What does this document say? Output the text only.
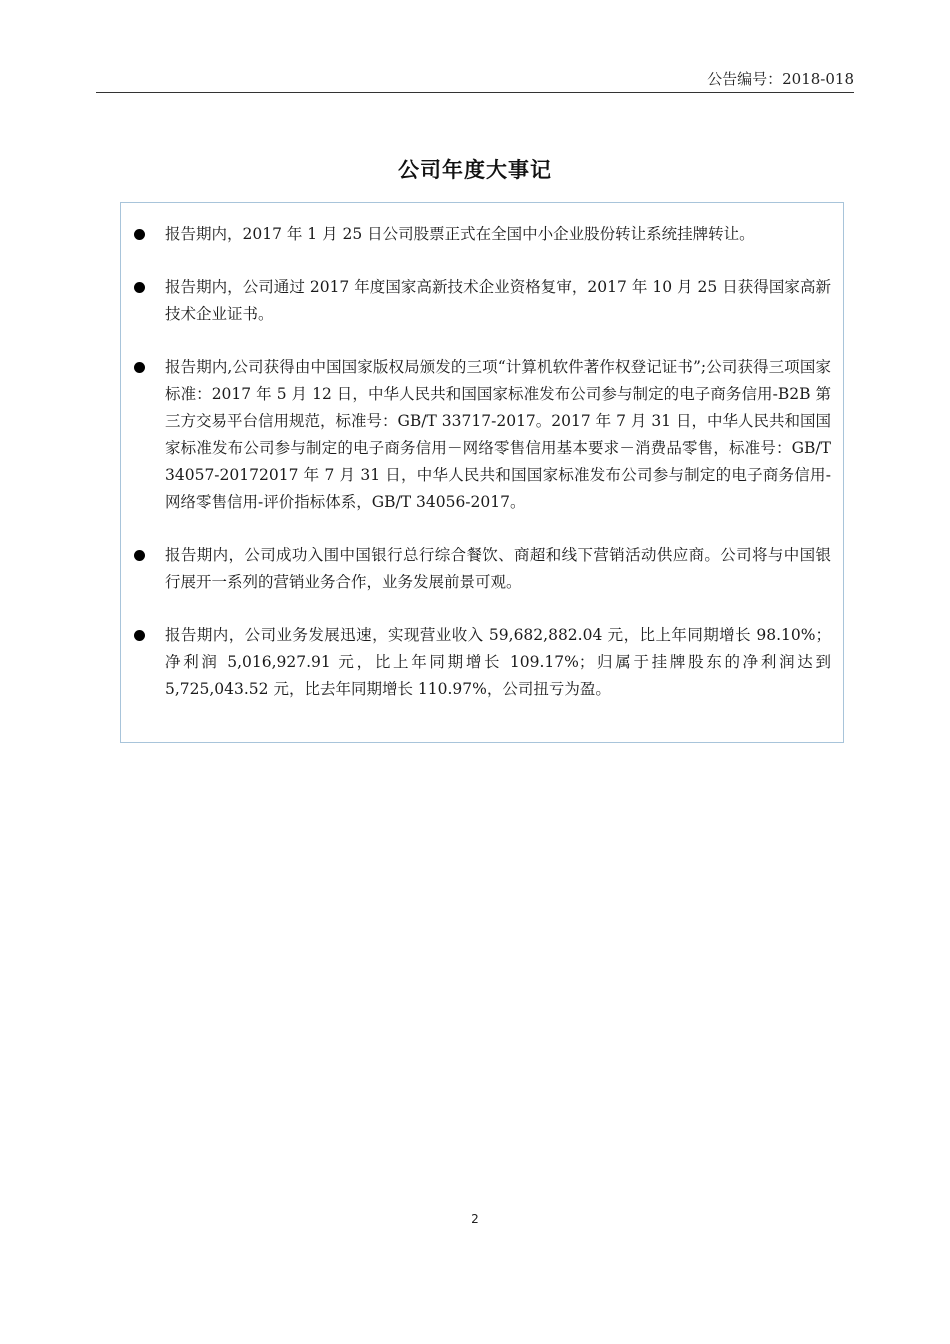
公告编号：2018-018
公司年度大事记
报告期内，2017 年 1 月 25 日公司股票正式在全国中小企业股份转让系统挂牌转让。
报告期内，公司通过 2017 年度国家高新技术企业资格复审，2017 年 10 月 25 日获得国家高新技术企业证书。
报告期内,公司获得由中国国家版权局颁发的三项“计算机软件著作权登记证书”;公司获得三项国家标准：2017 年 5 月 12 日，中华人民共和国国家标准发布公司参与制定的电子商务信用-B2B 第三方交易平台信用规范，标准号：GB/T 33717-2017。2017 年 7 月 31 日，中华人民共和国国家标准发布公司参与制定的电子商务信用－网络零售信用基本要求－消费品零售，标准号：GB/T 34057-20172017 年 7 月 31 日，中华人民共和国国家标准发布公司参与制定的电子商务信用-网络零售信用-评价指标体系，GB/T 34056-2017。
报告期内，公司成功入围中国银行总行综合餐饮、商超和线下营销活动供应商。公司将与中国银行展开一系列的营销业务合作，业务发展前景可观。
报告期内，公司业务发展迅速，实现营业收入 59,682,882.04 元，比上年同期增长 98.10%；净利润 5,016,927.91 元，比上年同期增长 109.17%；归属于挂牌股东的净利润达到 5,725,043.52 元，比去年同期增长 110.97%，公司扭亏为盈。
2
